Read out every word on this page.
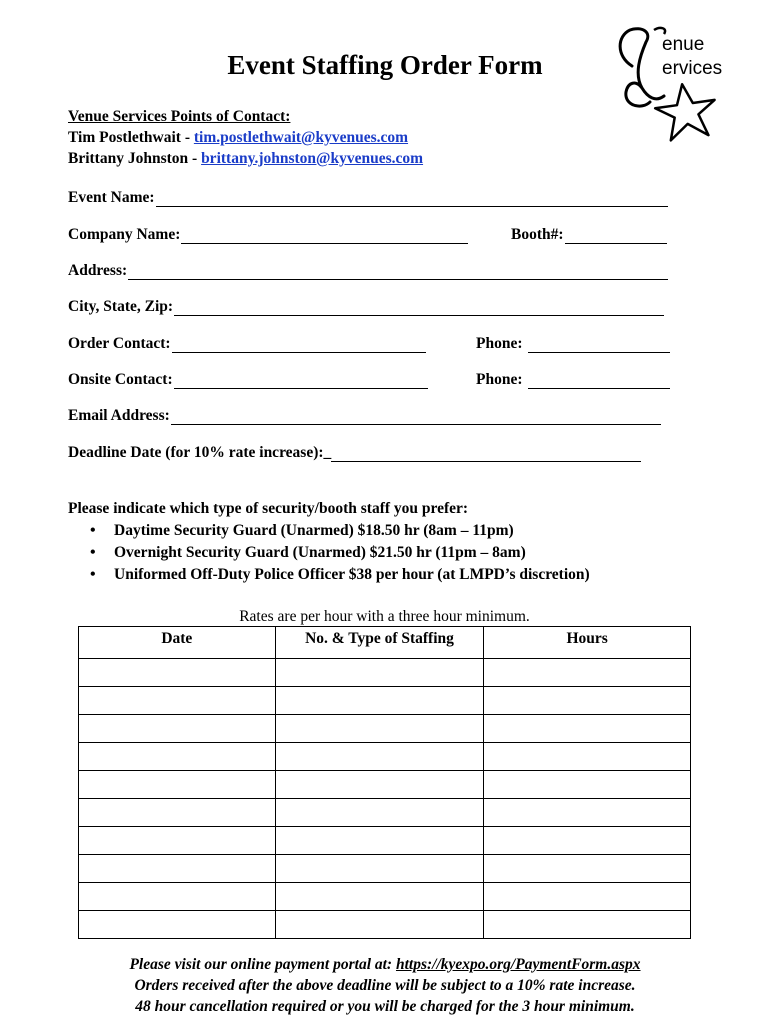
enue
ervices
Event Staffing Order Form
Venue Services Points of Contact:
Tim Postlethwait - tim.postlethwait@kyvenues.com
Brittany Johnston - brittany.johnston@kyvenues.com
Event Name:
Company Name:	Booth#:
Address:
City, State, Zip:
Order Contact:	Phone:
Onsite Contact:	Phone:
Email Address:
Deadline Date (for 10% rate increase):_
Please indicate which type of security/booth staff you prefer:
• Daytime Security Guard (Unarmed) $18.50 hr (8am – 11pm)
• Overnight Security Guard (Unarmed) $21.50 hr (11pm – 8am)
• Uniformed Off-Duty Police Officer $38 per hour (at LMPD’s discretion)
Rates are per hour with a three hour minimum.
Date	No. & Type of Staffing	Hours

Please visit our online payment portal at: https://kyexpo.org/PaymentForm.aspx
Orders received after the above deadline will be subject to a 10% rate increase.
48 hour cancellation required or you will be charged for the 3 hour minimum.
